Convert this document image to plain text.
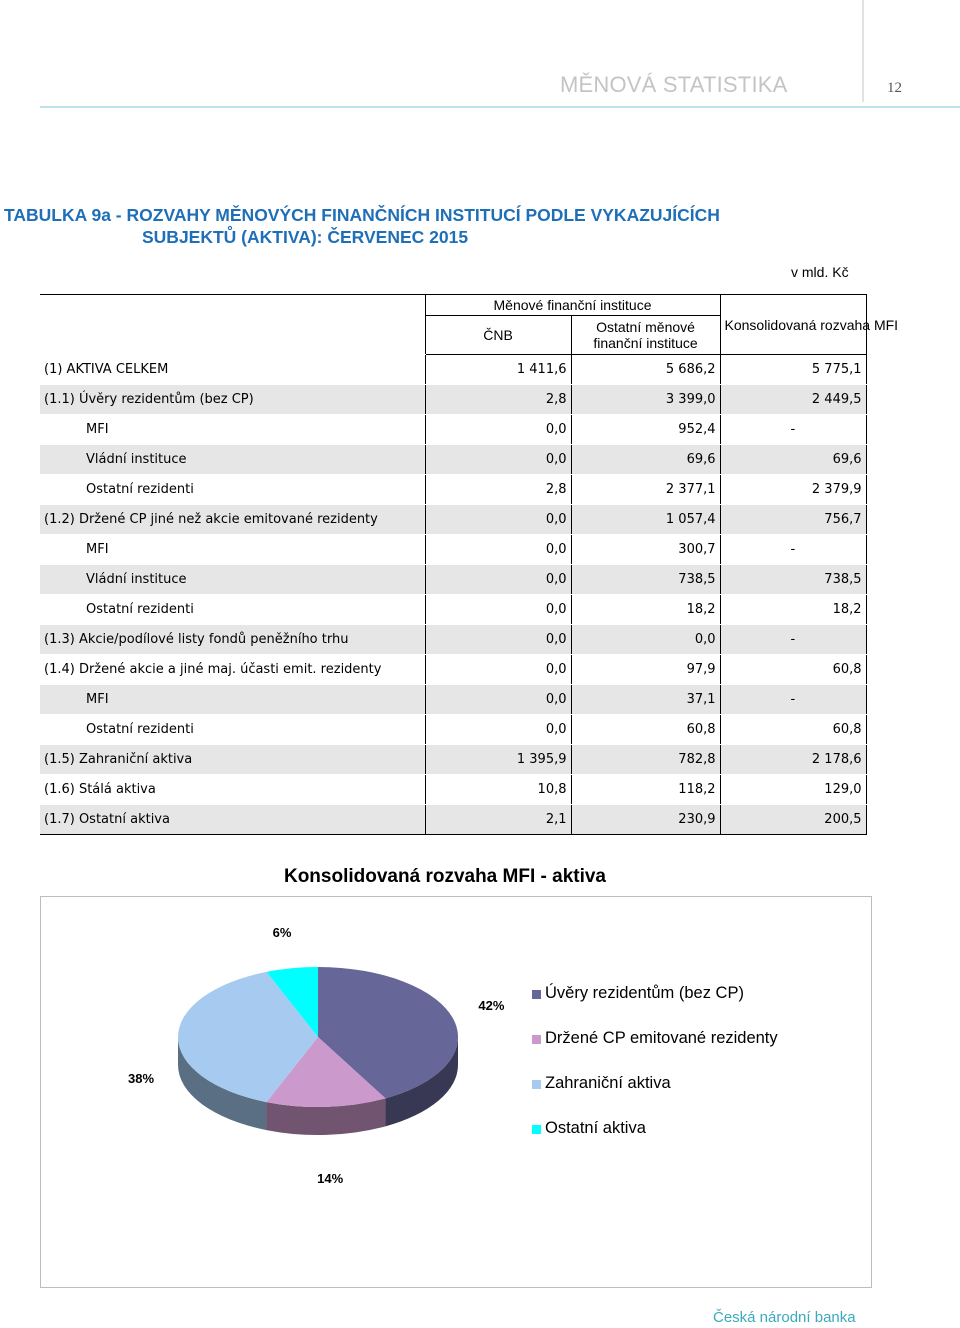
MĚNOVÁ STATISTIKA	12
TABULKA 9a - ROZVAHY MĚNOVÝCH FINANČNÍCH INSTITUCÍ PODLE VYKAZUJÍCÍCH
SUBJEKTŮ (AKTIVA): ČERVENEC 2015
v mld. Kč
	Měnové finanční instituce		Konsolidovaná rozvaha MFI
	ČNB	Ostatní měnové finanční instituce	
(1) AKTIVA CELKEM	1 411,6	5 686,2	5 775,1
(1.1) Úvěry rezidentům (bez CP)	2,8	3 399,0	2 449,5
MFI	0,0	952,4	-
Vládní instituce	0,0	69,6	69,6
Ostatní rezidenti	2,8	2 377,1	2 379,9
(1.2) Držené CP jiné než akcie emitované rezidenty	0,0	1 057,4	756,7
MFI	0,0	300,7	-
Vládní instituce	0,0	738,5	738,5
Ostatní rezidenti	0,0	18,2	18,2
(1.3) Akcie/podílové listy fondů peněžního trhu	0,0	0,0	-
(1.4) Držené akcie a jiné maj. účasti emit. rezidenty	0,0	97,9	60,8
MFI	0,0	37,1	-
Ostatní rezidenti	0,0	60,8	60,8
(1.5) Zahraniční aktiva	1 395,9	782,8	2 178,6
(1.6) Stálá aktiva	10,8	118,2	129,0
(1.7) Ostatní aktiva	2,1	230,9	200,5
Konsolidovaná rozvaha MFI - aktiva
42%
14%
38%
6%
Úvěry rezidentům (bez CP)
Držené CP emitované rezidenty
Zahraniční aktiva
Ostatní aktiva
Česká národní banka
